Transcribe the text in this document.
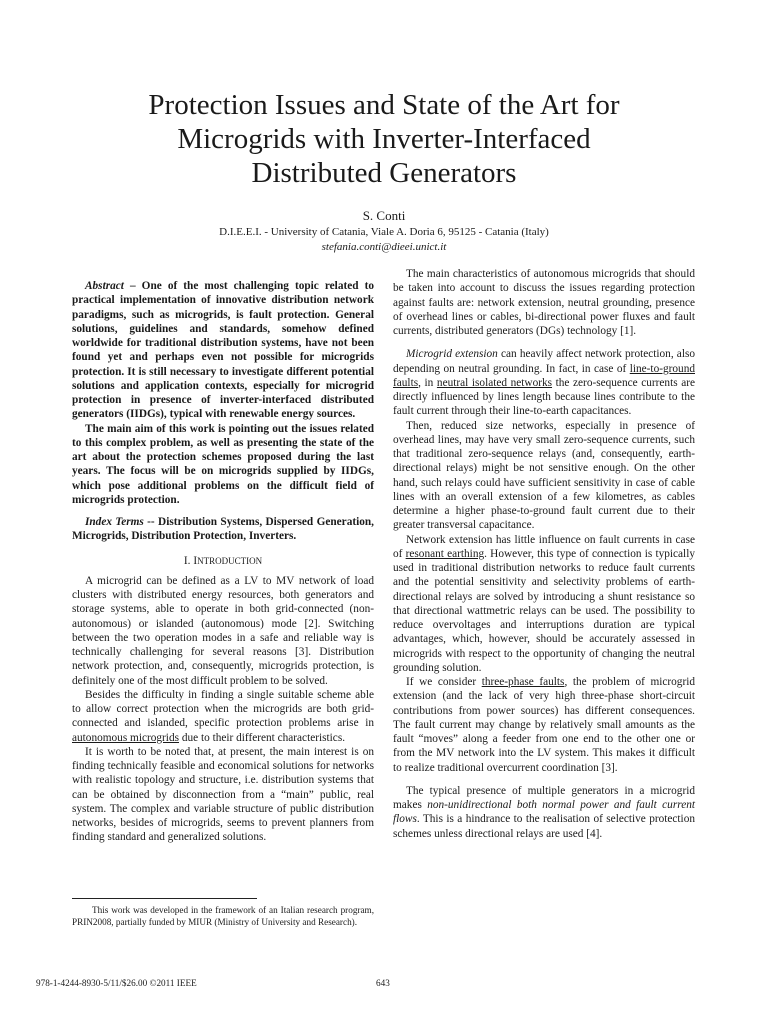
Protection Issues and State of the Art for
Microgrids with Inverter-Interfaced
Distributed Generators
S. Conti
D.I.E.E.I. - University of Catania, Viale A. Doria 6, 95125 - Catania (Italy)
stefania.conti@dieei.unict.it

Abstract – One of the most challenging topic related to practical implementation of innovative distribution network paradigms, such as microgrids, is fault protection. General solutions, guidelines and standards, somehow defined worldwide for traditional distribution systems, have not been found yet and perhaps even not possible for microgrids protection. It is still necessary to investigate different potential solutions and application contexts, especially for microgrid protection in presence of inverter-interfaced distributed generators (IIDGs), typical with renewable energy sources.

The main aim of this work is pointing out the issues related to this complex problem, as well as presenting the state of the art about the protection schemes proposed during the last years. The focus will be on microgrids supplied by IIDGs, which pose additional problems on the difficult field of microgrids protection.

Index Terms -- Distribution Systems, Dispersed Generation, Microgrids, Distribution Protection, Inverters.

I. INTRODUCTION

A microgrid can be defined as a LV to MV network of load clusters with distributed energy resources, both generators and storage systems, able to operate in both grid-connected (non-autonomous) or islanded (autonomous) mode [2]. Switching between the two operation modes in a safe and reliable way is technically challenging for several reasons [3]. Distribution network protection, and, consequently, microgrids protection, is definitely one of the most difficult problem to be solved.

Besides the difficulty in finding a single suitable scheme able to allow correct protection when the microgrids are both grid-connected and islanded, specific protection problems arise in autonomous microgrids due to their different characteristics.

It is worth to be noted that, at present, the main interest is on finding technically feasible and economical solutions for networks with realistic topology and structure, i.e. distribution systems that can be obtained by disconnection from a “main” public, real system. The complex and variable structure of public distribution networks, besides of microgrids, seems to prevent planners from finding standard and generalized solutions.

This work was developed in the framework of an Italian research program, PRIN2008, partially funded by MIUR (Ministry of University and Research).

The main characteristics of autonomous microgrids that should be taken into account to discuss the issues regarding protection against faults are: network extension, neutral grounding, presence of overhead lines or cables, bi-directional power fluxes and fault currents, distributed generators (DGs) technology [1].

Microgrid extension can heavily affect network protection, also depending on neutral grounding. In fact, in case of line-to-ground faults, in neutral isolated networks the zero-sequence currents are directly influenced by lines length because lines contribute to the fault current through their line-to-earth capacitances.

Then, reduced size networks, especially in presence of overhead lines, may have very small zero-sequence currents, such that traditional zero-sequence relays (and, consequently, earth-directional relays) might be not sensitive enough. On the other hand, such relays could have sufficient sensitivity in case of cable lines with an overall extension of a few kilometres, as cables determine a higher phase-to-ground fault current due to their greater transversal capacitance.

Network extension has little influence on fault currents in case of resonant earthing. However, this type of connection is typically used in traditional distribution networks to reduce fault currents and the potential sensitivity and selectivity problems of earth-directional relays are solved by introducing a shunt resistance so that directional wattmetric relays can be used. The possibility to reduce overvoltages and interruptions duration are typical advantages, which, however, should be accurately assessed in microgrids with respect to the opportunity of changing the neutral grounding solution.

If we consider three-phase faults, the problem of microgrid extension (and the lack of very high three-phase short-circuit contributions from power sources) has different consequences. The fault current may change by relatively small amounts as the fault “moves” along a feeder from one end to the other one or from the MV network into the LV system. This makes it difficult to realize traditional overcurrent coordination [3].

The typical presence of multiple generators in a microgrid makes non-unidirectional both normal power and fault current flows. This is a hindrance to the realisation of selective protection schemes unless directional relays are used [4].

978-1-4244-8930-5/11/$26.00 ©2011 IEEE	643
